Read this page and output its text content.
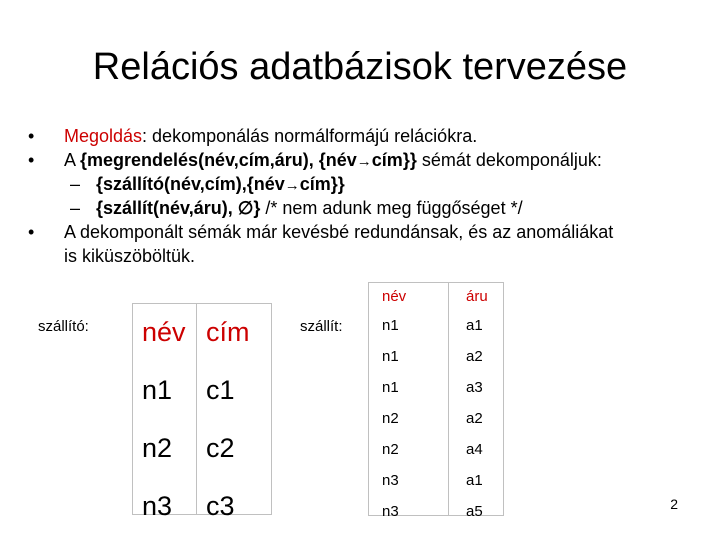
Relációs adatbázisok tervezése
• Megoldás: dekomponálás normálformájú relációkra.
• A {megrendelés(név,cím,áru), {név→cím}} sémát dekomponáljuk:
– {szállító(név,cím),{név→cím}}
– {szállít(név,áru), ∅} /* nem adunk meg függőséget */
• A dekomponált sémák már kevésbé redundánsak, és az anomáliákat
is kiküszöböltük.
szállító: név	cím
n1	c1
n2	c2
n3	c3
szállít:
név	áru
n1	a1
n1	a2
n1	a3
n2	a2
n2	a4
n3	a1
n3	a5	2
